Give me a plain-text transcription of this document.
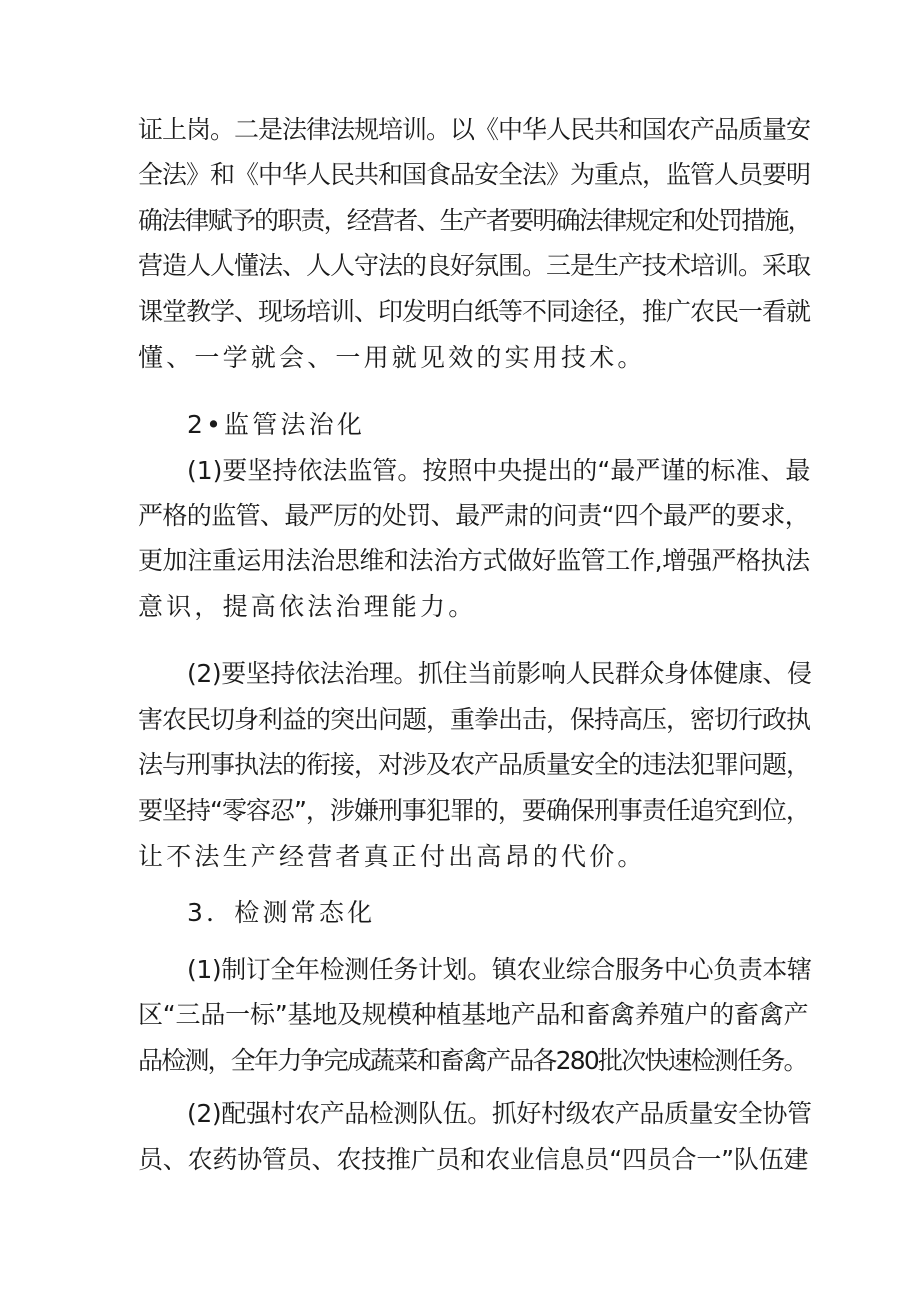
证上岗。二是法律法规培训。以《中华人民共和国农产品质量安
全法》和《中华人民共和国食品安全法》为重点，监管人员要明
确法律赋予的职责，经营者、生产者要明确法律规定和处罚措施，
营造人人懂法、人人守法的良好氛围。三是生产技术培训。采取
课堂教学、现场培训、印发明白纸等不同途径，推广农民一看就
懂、一学就会、一用就见效的实用技术。
2•监管法治化
(1)要坚持依法监管。按照中央提出的“最严谨的标准、最
严格的监管、最严厉的处罚、最严肃的问责“四个最严的要求，
更加注重运用法治思维和法治方式做好监管工作,增强严格执法
意识，提高依法治理能力。
(2)要坚持依法治理。抓住当前影响人民群众身体健康、侵
害农民切身利益的突出问题，重拳出击，保持高压，密切行政执
法与刑事执法的衔接，对涉及农产品质量安全的违法犯罪问题，
要坚持“零容忍”，涉嫌刑事犯罪的，要确保刑事责任追究到位，
让不法生产经营者真正付出高昂的代价。
3．检测常态化
(1)制订全年检测任务计划。镇农业综合服务中心负责本辖
区“三品一标”基地及规模种植基地产品和畜禽养殖户的畜禽产
品检测，全年力争完成蔬菜和畜禽产品各280批次快速检测任务。
(2)配强村农产品检测队伍。抓好村级农产品质量安全协管
员、农药协管员、农技推广员和农业信息员“四员合一”队伍建
